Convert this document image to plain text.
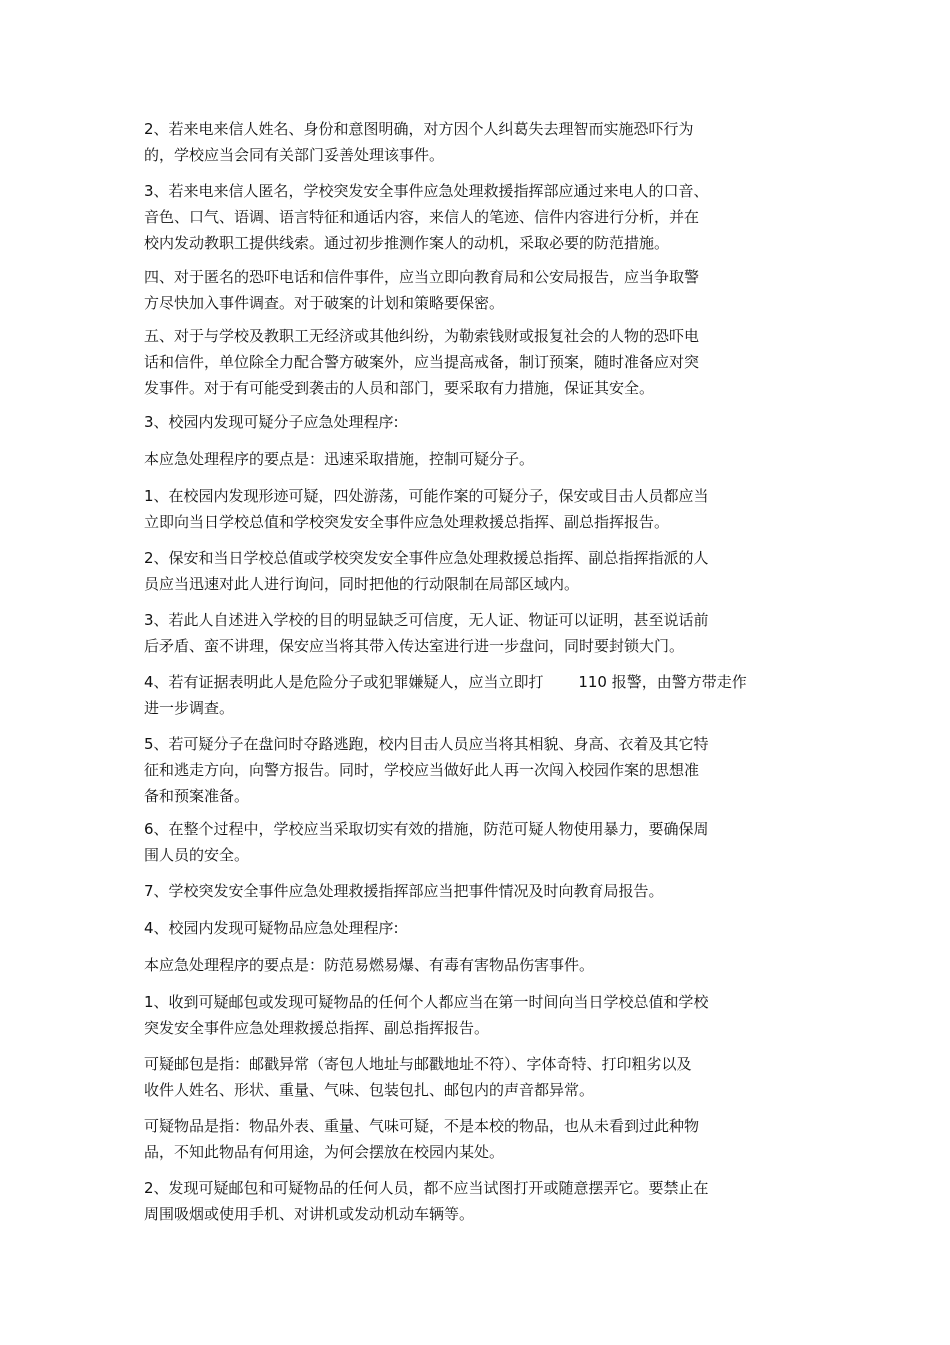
2、若来电来信人姓名、身份和意图明确，对方因个人纠葛失去理智而实施恐吓行为
的，学校应当会同有关部门妥善处理该事件。
3、若来电来信人匿名，学校突发安全事件应急处理救援指挥部应通过来电人的口音、
音色、口气、语调、语言特征和通话内容，来信人的笔迹、信件内容进行分析，并在
校内发动教职工提供线索。通过初步推测作案人的动机，采取必要的防范措施。
四、对于匿名的恐吓电话和信件事件，应当立即向教育局和公安局报告，应当争取警
方尽快加入事件调查。对于破案的计划和策略要保密。
五、对于与学校及教职工无经济或其他纠纷，为勒索钱财或报复社会的人物的恐吓电
话和信件，单位除全力配合警方破案外，应当提高戒备，制订预案，随时准备应对突
发事件。对于有可能受到袭击的人员和部门，要采取有力措施，保证其安全。
3、校园内发现可疑分子应急处理程序:
本应急处理程序的要点是：迅速采取措施，控制可疑分子。
1、在校园内发现形迹可疑，四处游荡，可能作案的可疑分子，保安或目击人员都应当
立即向当日学校总值和学校突发安全事件应急处理救援总指挥、副总指挥报告。
2、保安和当日学校总值或学校突发安全事件应急处理救援总指挥、副总指挥指派的人
员应当迅速对此人进行询问，同时把他的行动限制在局部区域内。
3、若此人自述进入学校的目的明显缺乏可信度，无人证、物证可以证明，甚至说话前
后矛盾、蛮不讲理，保安应当将其带入传达室进行进一步盘问，同时要封锁大门。
4、若有证据表明此人是危险分子或犯罪嫌疑人，应当立即打　　 110 报警，由警方带走作
进一步调查。
5、若可疑分子在盘问时夺路逃跑，校内目击人员应当将其相貌、身高、衣着及其它特
征和逃走方向，向警方报告。同时，学校应当做好此人再一次闯入校园作案的思想准
备和预案准备。
6、在整个过程中，学校应当采取切实有效的措施，防范可疑人物使用暴力，要确保周
围人员的安全。
7、学校突发安全事件应急处理救援指挥部应当把事件情况及时向教育局报告。
4、校园内发现可疑物品应急处理程序:
本应急处理程序的要点是：防范易燃易爆、有毒有害物品伤害事件。
1、收到可疑邮包或发现可疑物品的任何个人都应当在第一时间向当日学校总值和学校
突发安全事件应急处理救援总指挥、副总指挥报告。
可疑邮包是指：邮戳异常（寄包人地址与邮戳地址不符）、字体奇特、打印粗劣以及
收件人姓名、形状、重量、气味、包装包扎、邮包内的声音都异常。
可疑物品是指：物品外表、重量、气味可疑，不是本校的物品，也从未看到过此种物
品，不知此物品有何用途，为何会摆放在校园内某处。
2、发现可疑邮包和可疑物品的任何人员，都不应当试图打开或随意摆弄它。要禁止在
周围吸烟或使用手机、对讲机或发动机动车辆等。
